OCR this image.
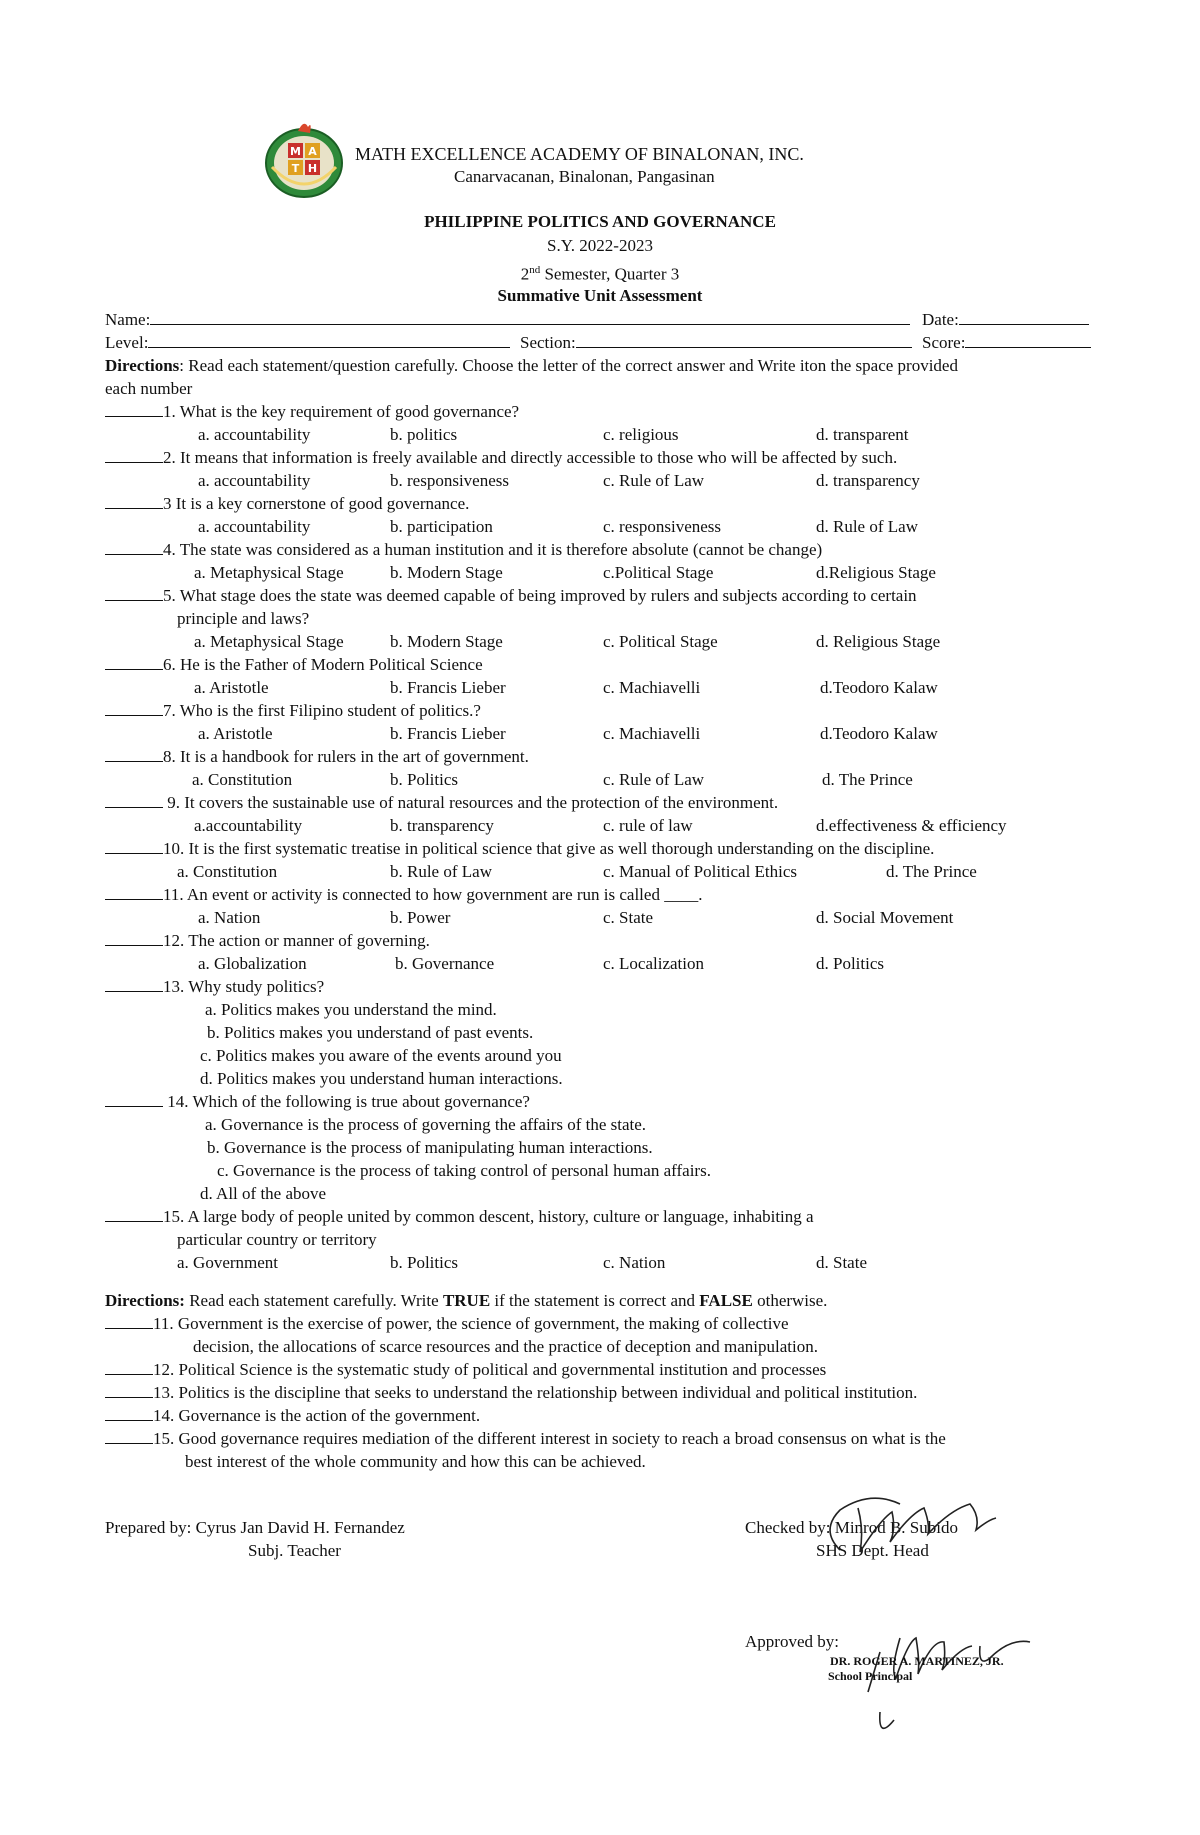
M A
T H
MATH EXCELLENCE ACADEMY OF BINALONAN, INC.
Canarvacanan, Binalonan, Pangasinan
PHILIPPINE POLITICS AND GOVERNANCE
S.Y. 2022-2023
2nd Semester, Quarter 3
Summative Unit Assessment
Name:	Date:
Level:	Section:	Score:
Directions: Read each statement/question carefully. Choose the letter of the correct answer and Write iton the space provided
each number
1. What is the key requirement of good governance?
a. accountability	b. politics	c. religious	d. transparent
2. It means that information is freely available and directly accessible to those who will be affected by such.
a. accountability	b. responsiveness	c. Rule of Law	d. transparency
3 It is a key cornerstone of good governance.
a. accountability	b. participation	c. responsiveness	d. Rule of Law
4. The state was considered as a human institution and it is therefore absolute (cannot be change)
a. Metaphysical Stage	b. Modern Stage	c.Political Stage	d.Religious Stage
5. What stage does the state was deemed capable of being improved by rulers and subjects according to certain
principle and laws?
a. Metaphysical Stage	b. Modern Stage	c. Political Stage	d. Religious Stage
6. He is the Father of Modern Political Science
a. Aristotle	b. Francis Lieber	c. Machiavelli	d.Teodoro Kalaw
7. Who is the first Filipino student of politics.?
a. Aristotle	b. Francis Lieber	c. Machiavelli	d.Teodoro Kalaw
8. It is a handbook for rulers in the art of government.
a. Constitution	b. Politics	c. Rule of Law	d. The Prince
9. It covers the sustainable use of natural resources and the protection of the environment.
a.accountability	b. transparency	c. rule of law	d.effectiveness & efficiency
10. It is the first systematic treatise in political science that give as well thorough understanding on the discipline.
a. Constitution	b. Rule of Law	c. Manual of Political Ethics	d. The Prince
11. An event or activity is connected to how government are run is called ____.
a. Nation	b. Power	c. State	d. Social Movement
12. The action or manner of governing.
a. Globalization	b. Governance	c. Localization	d. Politics
13. Why study politics?
a. Politics makes you understand the mind.
b. Politics makes you understand of past events.
c. Politics makes you aware of the events around you
d. Politics makes you understand human interactions.
14. Which of the following is true about governance?
a. Governance is the process of governing the affairs of the state.
b. Governance is the process of manipulating human interactions.
c. Governance is the process of taking control of personal human affairs.
d. All of the above
15. A large body of people united by common descent, history, culture or language, inhabiting a
particular country or territory
a. Government	b. Politics	c. Nation	d. State
Directions: Read each statement carefully. Write TRUE if the statement is correct and FALSE otherwise.
11. Government is the exercise of power, the science of government, the making of collective
decision, the allocations of scarce resources and the practice of deception and manipulation.
12. Political Science is the systematic study of political and governmental institution and processes
13. Politics is the discipline that seeks to understand the relationship between individual and political institution.
14. Governance is the action of the government.
15. Good governance requires mediation of the different interest in society to reach a broad consensus on what is the
best interest of the whole community and how this can be achieved.
Prepared by: Cyrus Jan David H. Fernandez
Subj. Teacher
Checked by: Minrod B. Subido
SHS Dept. Head
Approved by:
DR. ROGER A. MARTINEZ, JR.
School Principal
